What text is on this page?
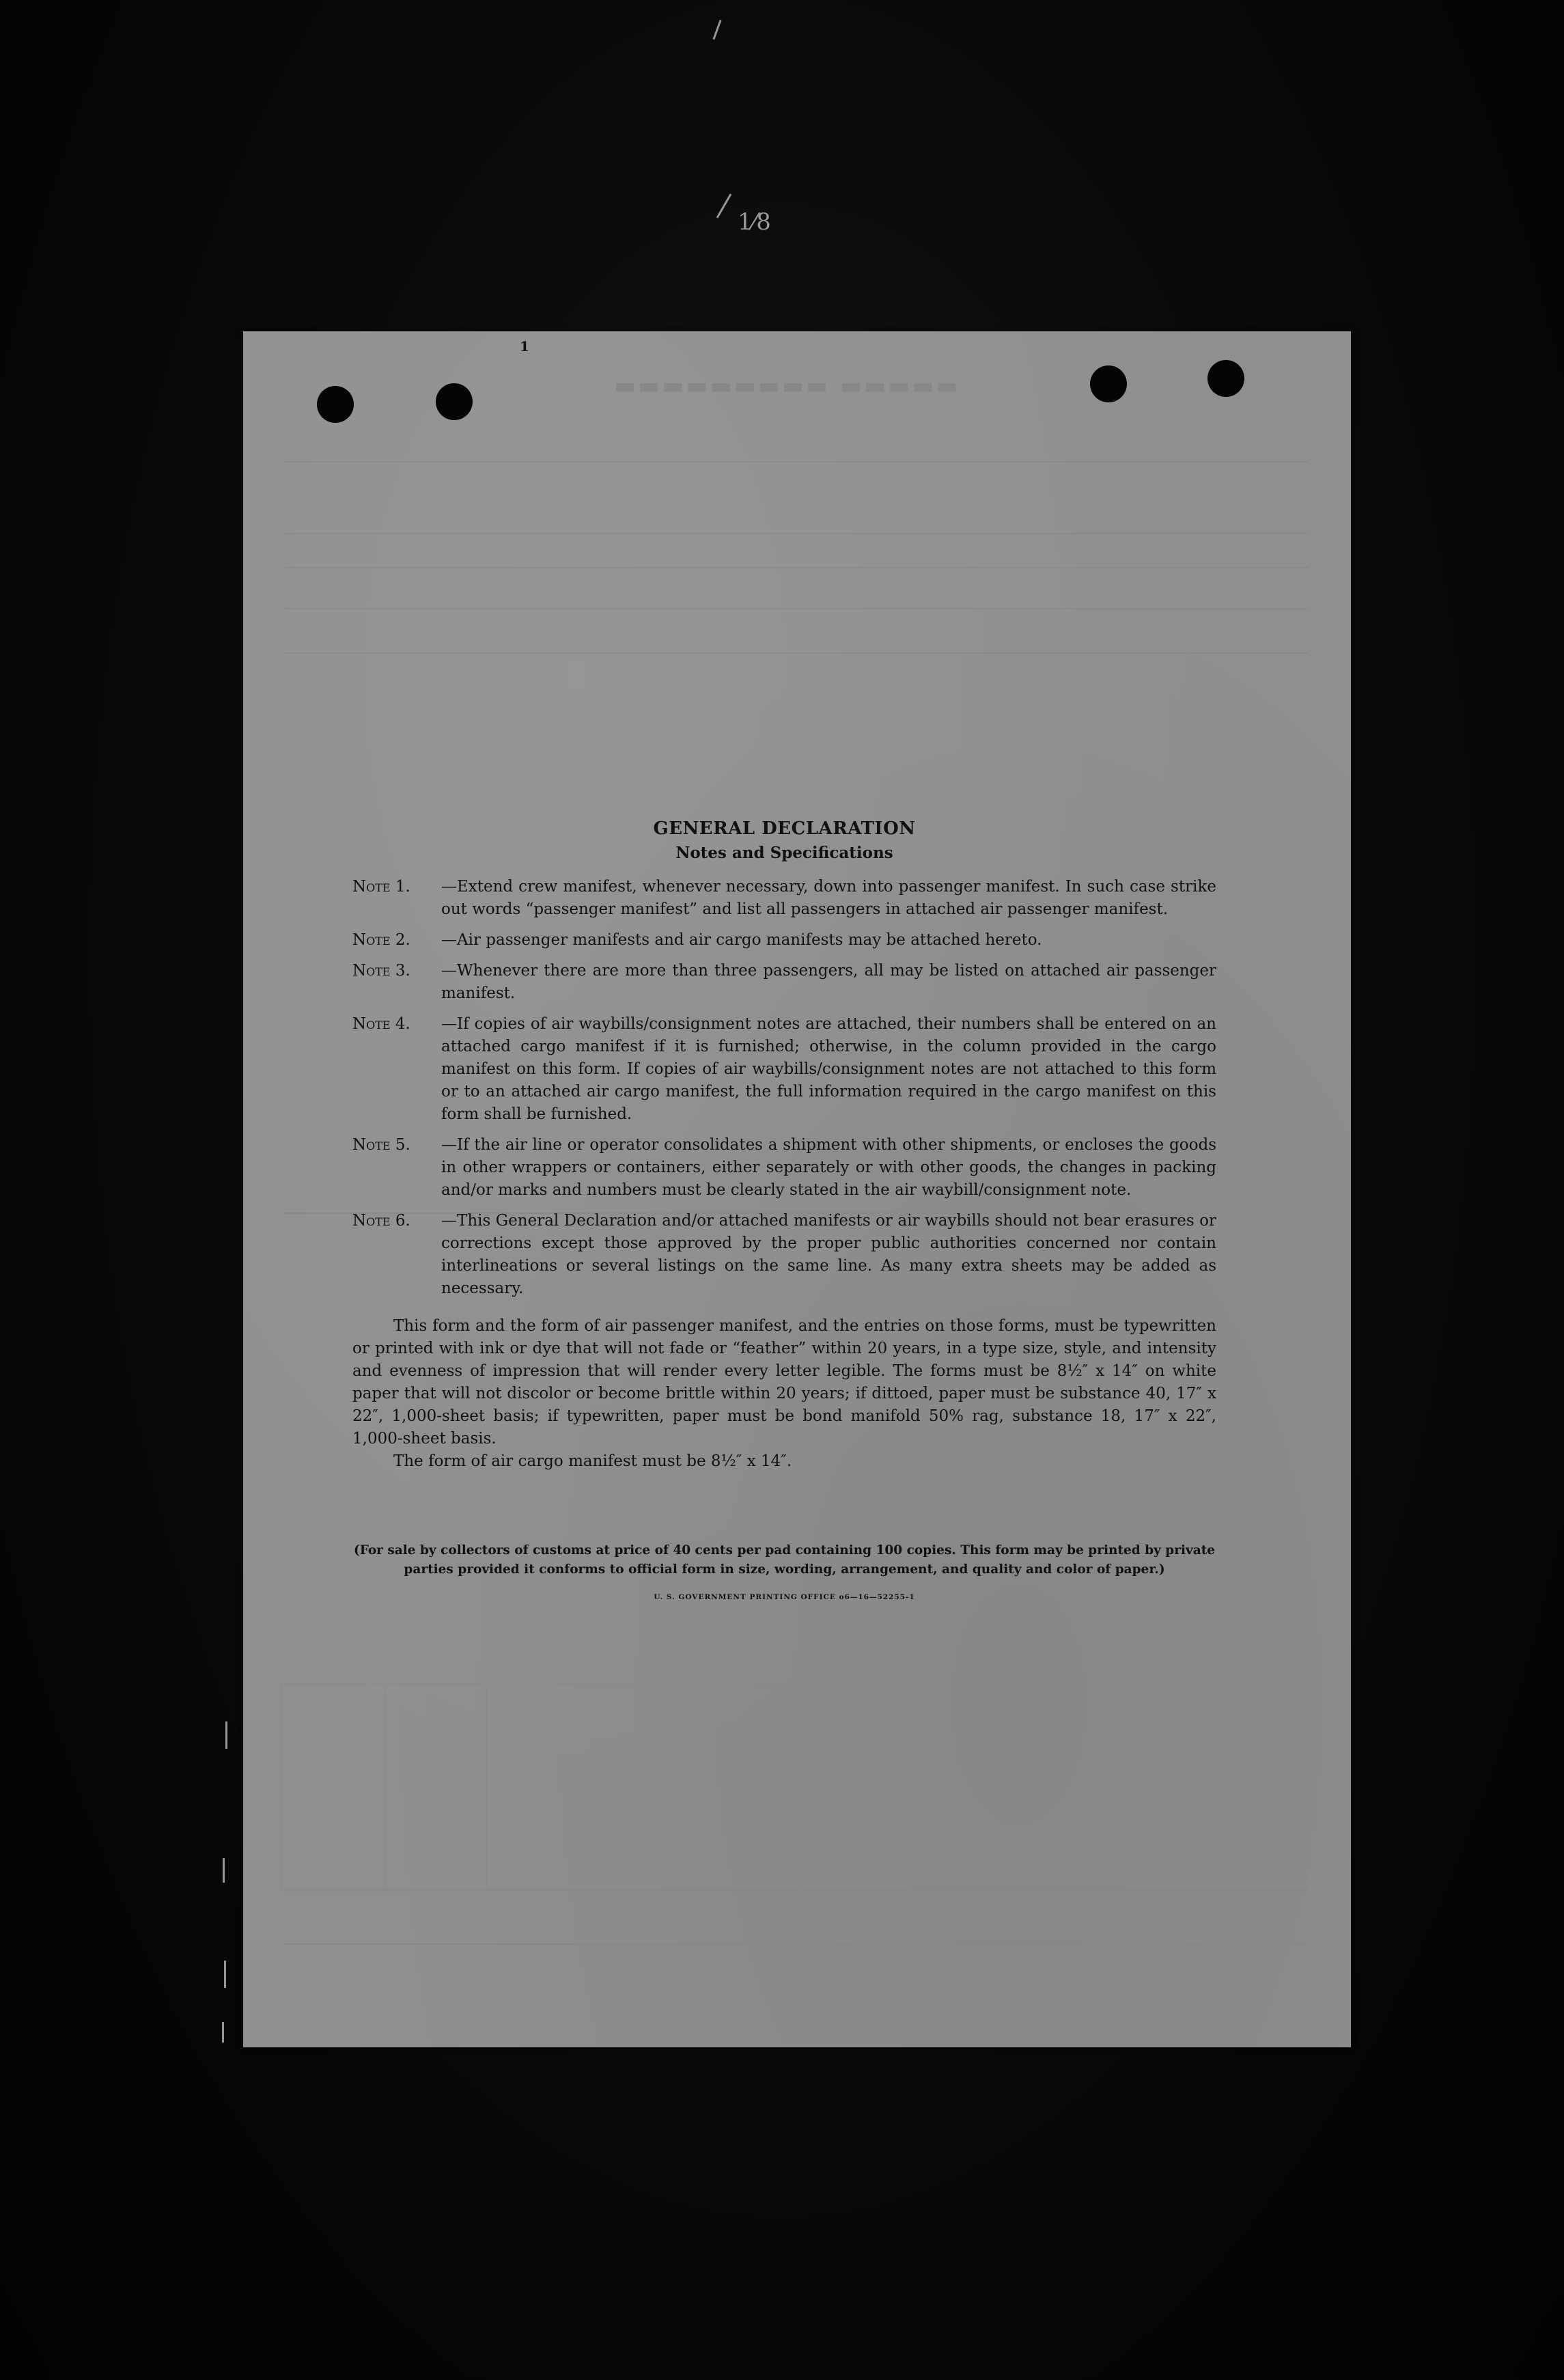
1⁄8
1
▬▬▬▬▬ ▬▬▬▬▬▬▬▬▬
GENERAL DECLARATION
Notes and Specifications
Note 1. —Extend crew manifest, whenever necessary, down into passenger manifest. In such case strike out words “passenger manifest” and list all passengers in attached air passenger manifest.
Note 2. —Air passenger manifests and air cargo manifests may be attached hereto.
Note 3. —Whenever there are more than three passengers, all may be listed on attached air passenger manifest.
Note 4. —If copies of air waybills/consignment notes are attached, their numbers shall be entered on an attached cargo manifest if it is furnished; otherwise, in the column provided in the cargo manifest on this form. If copies of air waybills/consignment notes are not attached to this form or to an attached air cargo manifest, the full information required in the cargo manifest on this form shall be furnished.
Note 5. —If the air line or operator consolidates a shipment with other shipments, or encloses the goods in other wrappers or containers, either separately or with other goods, the changes in packing and/or marks and numbers must be clearly stated in the air waybill/consignment note.
Note 6. —This General Declaration and/or attached manifests or air waybills should not bear erasures or corrections except those approved by the proper public authorities concerned nor contain interlineations or several listings on the same line. As many extra sheets may be added as necessary.

This form and the form of air passenger manifest, and the entries on those forms, must be typewritten or printed with ink or dye that will not fade or “feather” within 20 years, in a type size, style, and intensity and evenness of impression that will render every letter legible. The forms must be 8½″ x 14″ on white paper that will not discolor or become brittle within 20 years; if dittoed, paper must be substance 40, 17″ x 22″, 1,000-sheet basis; if typewritten, paper must be bond manifold 50% rag, substance 18, 17″ x 22″, 1,000-sheet basis.

The form of air cargo manifest must be 8½″ x 14″.

(For sale by collectors of customs at price of 40 cents per pad containing 100 copies. This form may be printed by private parties provided it conforms to official form in size, wording, arrangement, and quality and color of paper.)

U. S. GOVERNMENT PRINTING OFFICE o6—16—52255-1
